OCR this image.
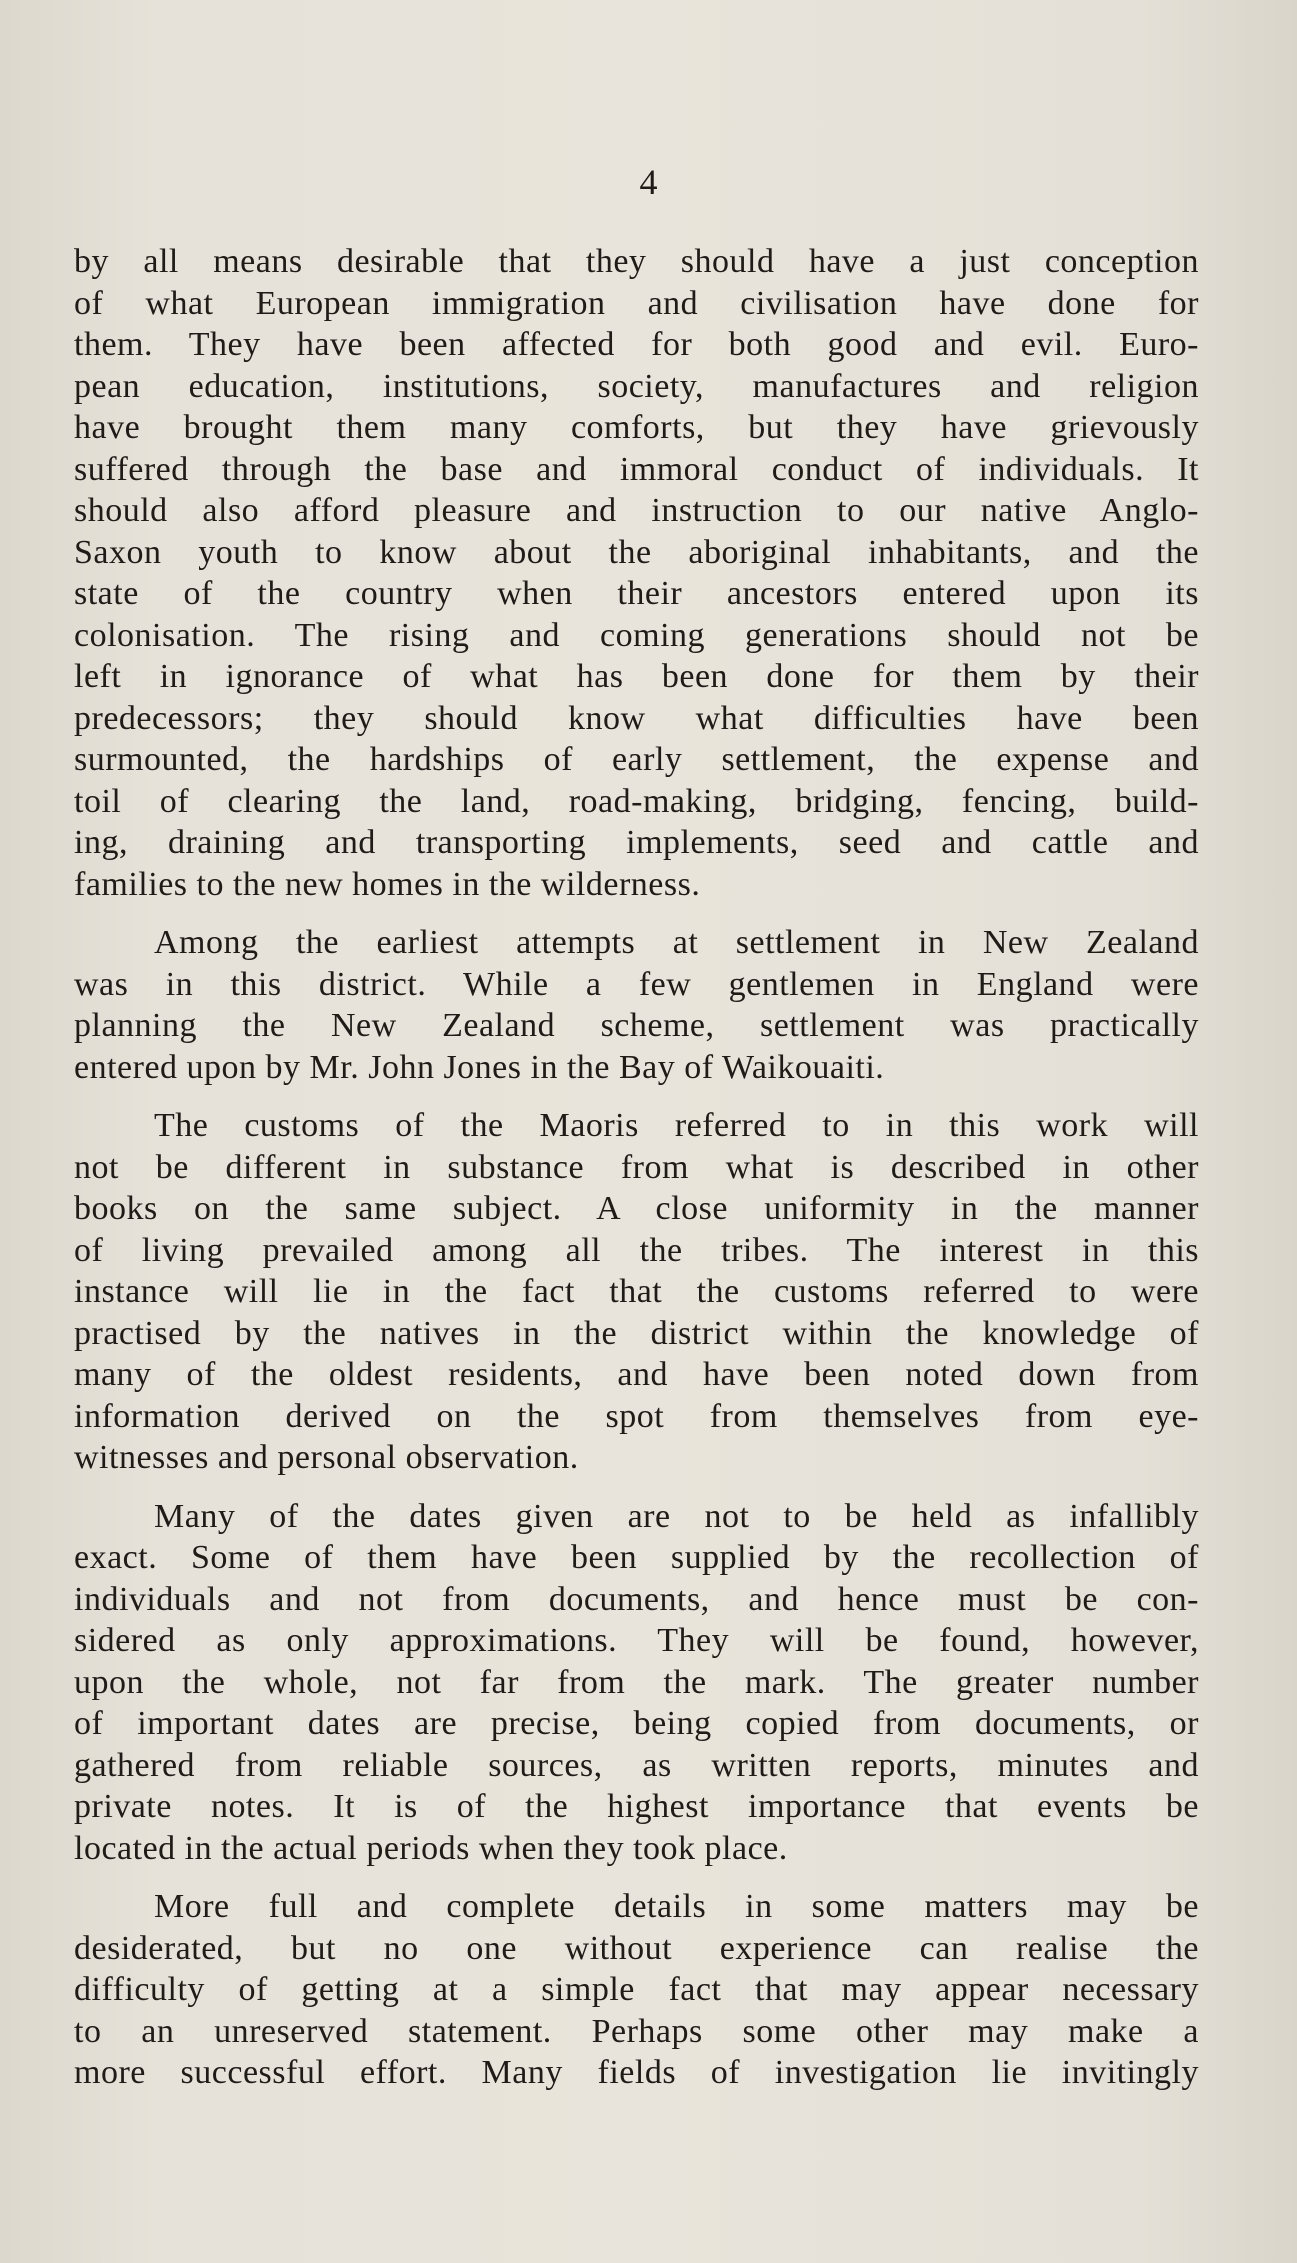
4
by all means desirable that they should have a just conception
of what European immigration and civilisation have done for
them. They have been affected for both good and evil. Euro-
pean education, institutions, society, manufactures and religion
have brought them many comforts, but they have grievously
suffered through the base and immoral conduct of individuals. It
should also afford pleasure and instruction to our native Anglo-
Saxon youth to know about the aboriginal inhabitants, and the
state of the country when their ancestors entered upon its
colonisation. The rising and coming generations should not be
left in ignorance of what has been done for them by their
predecessors; they should know what difficulties have been
surmounted, the hardships of early settlement, the expense and
toil of clearing the land, road-making, bridging, fencing, build-
ing, draining and transporting implements, seed and cattle and
families to the new homes in the wilderness.
Among the earliest attempts at settlement in New Zealand
was in this district. While a few gentlemen in England were
planning the New Zealand scheme, settlement was practically
entered upon by Mr. John Jones in the Bay of Waikouaiti.
The customs of the Maoris referred to in this work will
not be different in substance from what is described in other
books on the same subject. A close uniformity in the manner
of living prevailed among all the tribes. The interest in this
instance will lie in the fact that the customs referred to were
practised by the natives in the district within the knowledge of
many of the oldest residents, and have been noted down from
information derived on the spot from themselves from eye-
witnesses and personal observation.
Many of the dates given are not to be held as infallibly
exact. Some of them have been supplied by the recollection of
individuals and not from documents, and hence must be con-
sidered as only approximations. They will be found, however,
upon the whole, not far from the mark. The greater number
of important dates are precise, being copied from documents, or
gathered from reliable sources, as written reports, minutes and
private notes. It is of the highest importance that events be
located in the actual periods when they took place.
More full and complete details in some matters may be
desiderated, but no one without experience can realise the
difficulty of getting at a simple fact that may appear necessary
to an unreserved statement. Perhaps some other may make a
more successful effort. Many fields of investigation lie invitingly
